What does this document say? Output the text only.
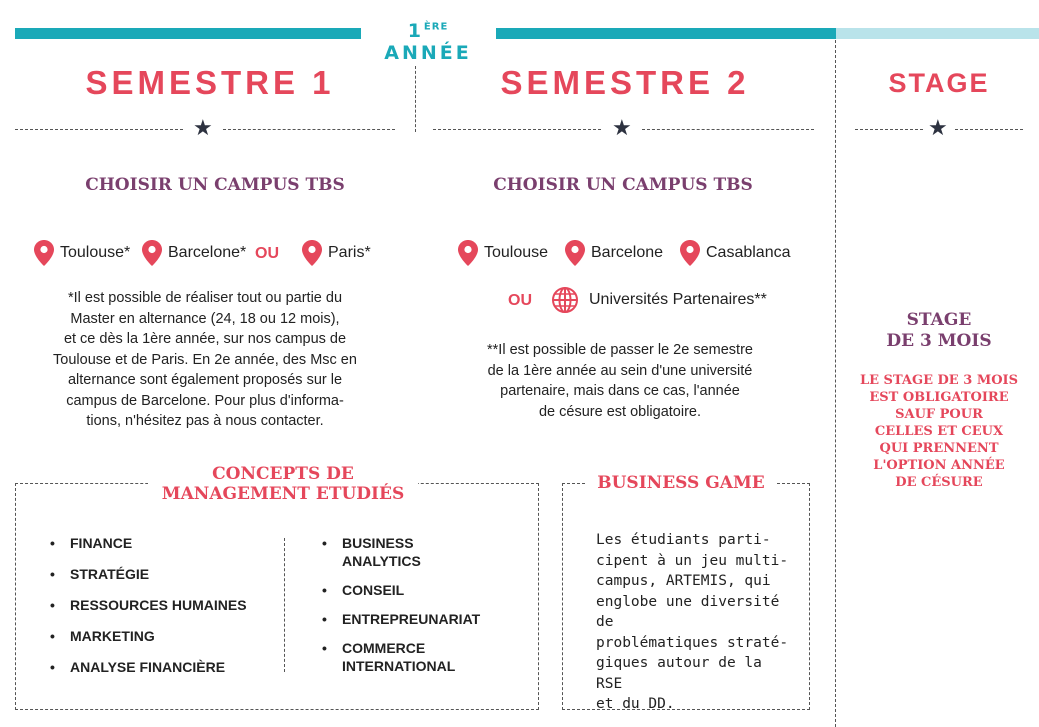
1ÈRE ANNÉE
SEMESTRE 1	SEMESTRE 2	STAGE
★	★	★
CHOISIR UN CAMPUS TBS	CHOISIR UN CAMPUS TBS
Toulouse* Barcelone* OU	Paris*
*Il est possible de réaliser tout ou partie du
Master en alternance (24, 18 ou 12 mois),
et ce dès la 1ère année, sur nos campus de
Toulouse et de Paris. En 2e année, des Msc en
alternance sont également proposés sur le
campus de Barcelone. Pour plus d'informa-
tions, n'hésitez pas à nous contacter.
Toulouse	Barcelone	Casablanca
OU	Universités Partenaires**
**Il est possible de passer le 2e semestre
de la 1ère année au sein d'une université
partenaire, mais dans ce cas, l'année
de césure est obligatoire.
STAGE
DE 3 MOIS
LE STAGE DE 3 MOIS
EST OBLIGATOIRE
SAUF POUR
CELLES ET CEUX
QUI PRENNENT
L'OPTION ANNÉE
DE CÉSURE
CONCEPTS DE
MANAGEMENT ETUDIÉS
• FINANCE
• STRATÉGIE
• RESSOURCES HUMAINES
• MARKETING
• ANALYSE FINANCIÈRE
• BUSINESS ANALYTICS
• CONSEIL
• ENTREPREUNARIAT
• COMMERCE INTERNATIONAL
BUSINESS GAME
Les étudiants parti-
cipent à un jeu multi-
campus, ARTEMIS, qui
englobe une diversité de
problématiques straté-
giques autour de la RSE
et du DD.
